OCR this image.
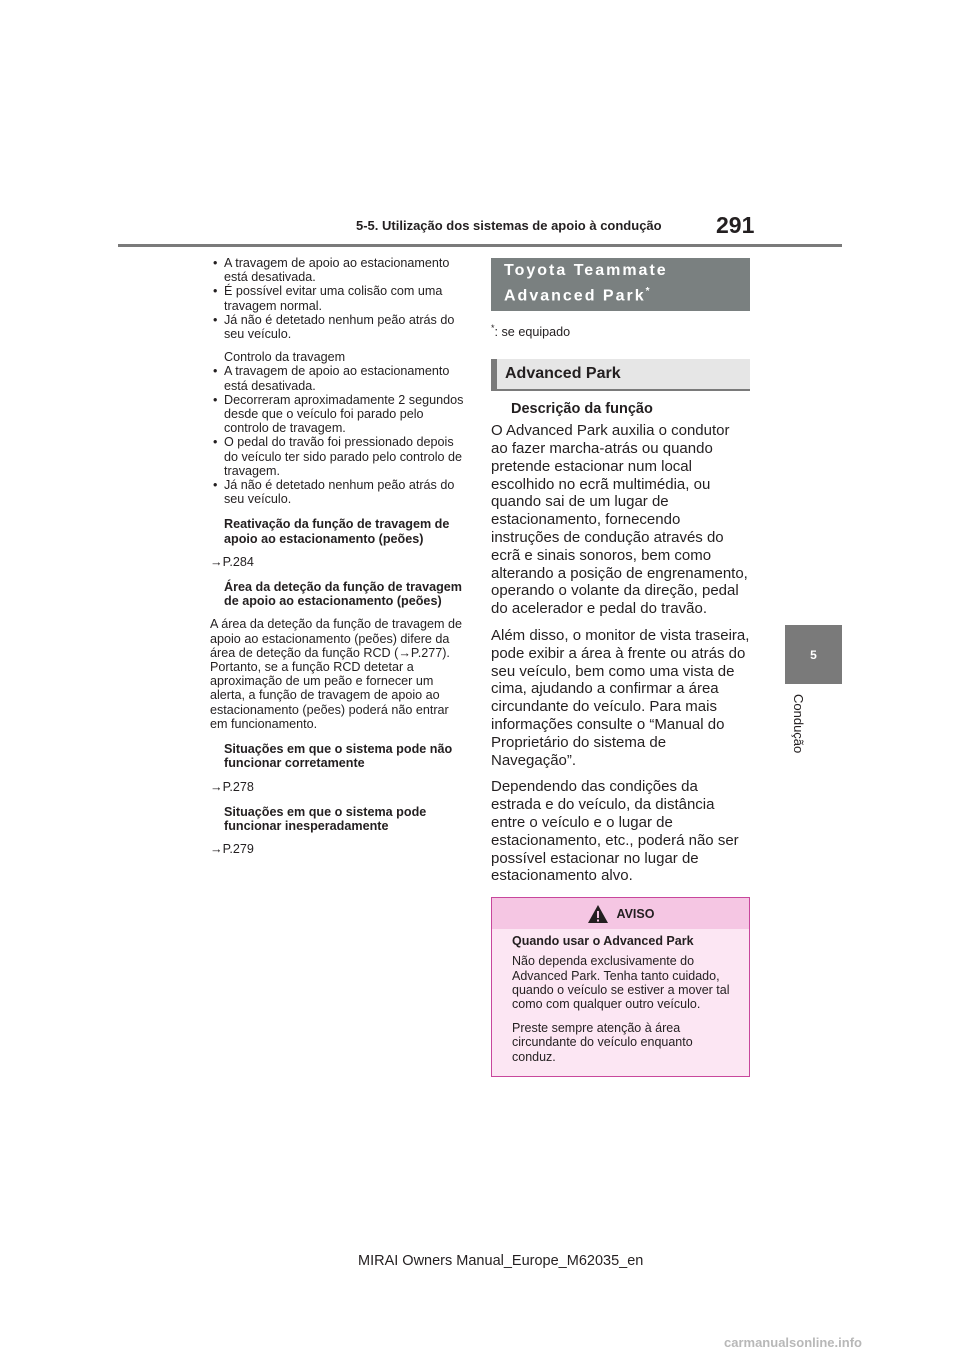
5-5. Utilização dos sistemas de apoio à condução 291
5
Condução
• A travagem de apoio ao estacionamento está desativada.
• É possível evitar uma colisão com uma travagem normal.
• Já não é detetado nenhum peão atrás do seu veículo.

Controlo da travagem

• A travagem de apoio ao estacionamento está desativada.
• Decorreram aproximadamente 2 segundos desde que o veículo foi parado pelo controlo de travagem.
• O pedal do travão foi pressionado depois do veículo ter sido parado pelo controlo de travagem.
• Já não é detetado nenhum peão atrás do seu veículo.

Reativação da função de travagem de apoio ao estacionamento (peões)

→P.284

Área da deteção da função de travagem de apoio ao estacionamento (peões)

A área da deteção da função de travagem de apoio ao estacionamento (peões) difere da área de deteção da função RCD (→P.277). Portanto, se a função RCD detetar a aproximação de um peão e fornecer um alerta, a função de travagem de apoio ao estacionamento (peões) poderá não entrar em funcionamento.

Situações em que o sistema pode não funcionar corretamente

→P.278

Situações em que o sistema pode funcionar inesperadamente

→P.279

Toyota Teammate Advanced Park*
*: se equipado
Advanced Park
Descrição da função

O Advanced Park auxilia o condutor ao fazer marcha-atrás ou quando pretende estacionar num local escolhido no ecrã multimédia, ou quando sai de um lugar de estacionamento, fornecendo instruções de condução através do ecrã e sinais sonoros, bem como alterando a posição de engrenamento, operando o volante da direção, pedal do acelerador e pedal do travão.

Além disso, o monitor de vista traseira, pode exibir a área à frente ou atrás do seu veículo, bem como uma vista de cima, ajudando a confirmar a área circundante do veículo. Para mais informações consulte o “Manual do Proprietário do sistema de Navegação”.

Dependendo das condições da estrada e do veículo, da distância entre o veículo e o lugar de estacionamento, etc., poderá não ser possível estacionar no lugar de estacionamento alvo.

AVISO

Quando usar o Advanced Park

Não dependa exclusivamente do Advanced Park. Tenha tanto cuidado, quando o veículo se estiver a mover tal como com qualquer outro veículo.

Preste sempre atenção à área circundante do veículo enquanto conduz.

MIRAI Owners Manual_Europe_M62035_en
carmanualsonline.info
